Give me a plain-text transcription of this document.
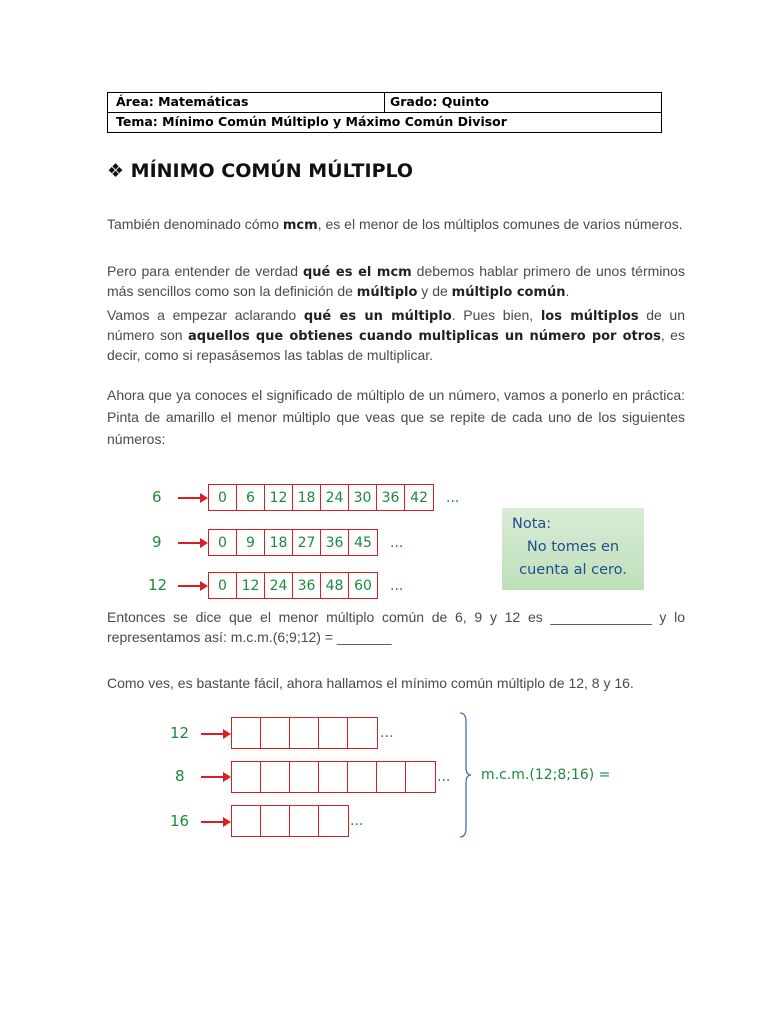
Área: Matemáticas	Grado: Quinto
Tema: Mínimo Común Múltiplo y Máximo Común Divisor
❖ MÍNIMO COMÚN MÚLTIPLO
También denominado cómo mcm, es el menor de los múltiplos comunes de varios números.
Pero para entender de verdad qué es el mcm debemos hablar primero de unos términos más sencillos como son la definición de múltiplo y de múltiplo común.
Vamos a empezar aclarando qué es un múltiplo. Pues bien, los múltiplos de un número son aquellos que obtienes cuando multiplicas un número por otros, es decir, como si repasásemos las tablas de multiplicar.
Ahora que ya conoces el significado de múltiplo de un número, vamos a ponerlo en práctica: Pinta de amarillo el menor múltiplo que veas que se repite de cada uno de los siguientes números:
6	0	6	12 18 24 30 36 42	...
9	0	9	18 27 36 45	...
12	0	12 24 36 48 60	...
Nota:
No tomes en
cuenta al cero.
Entonces se dice que el menor múltiplo común de 6, 9 y 12 es _____________ y lo representamos así: m.c.m.(6;9;12) = _______
Como ves, es bastante fácil, ahora hallamos el mínimo común múltiplo de 12, 8 y 16.
12	...
8	...
16	...
m.c.m.(12;8;16) =
